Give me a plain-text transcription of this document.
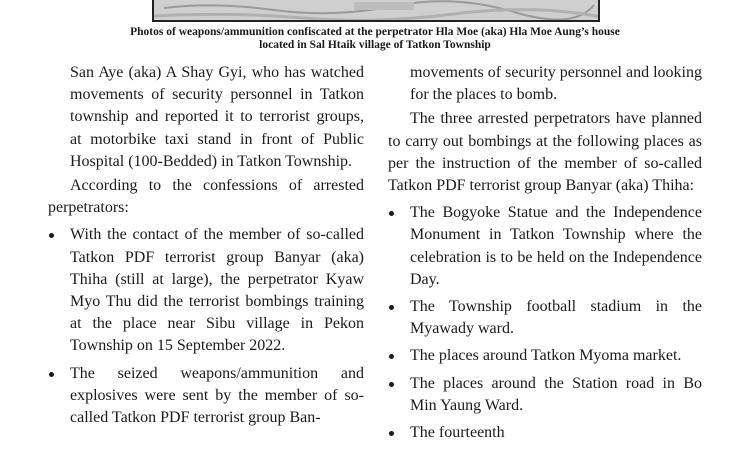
Photos of weapons/ammunition confiscated at the perpetrator Hla Moe (aka) Hla Moe Aung’s house
located in Sal Htaik village of Tatkon Township

San Aye (aka) A Shay Gyi, who has watched movements of security personnel in Tatkon township and reported it to terrorist groups, at motorbike taxi stand in front of Public Hospital (100-Bedded) in Tatkon Township.

According to the confessions of arrested perpetrators:

With the contact of the member of so-called Tatkon PDF terrorist group Banyar (aka) Thiha (still at large), the perpetrator Kyaw Myo Thu did the terrorist bombings training at the place near Sibu village in Pekon Township on 15 September 2022.
The seized weapons/ammunition and explosives were sent by the member of so-called Tatkon PDF terrorist group Ban-

movements of security personnel and looking for the places to bomb.

The three arrested perpetrators have planned to carry out bombings at the following places as per the instruction of the member of so-called Tatkon PDF terrorist group Banyar (aka) Thiha:

The Bogyoke Statue and the Independence Monument in Tatkon Township where the celebration is to be held on the Independence Day.
The Township football stadium in the Myawady ward.
The places around Tatkon Myoma market.
The places around the Station road in Bo Min Yaung Ward.
The fourteenth
